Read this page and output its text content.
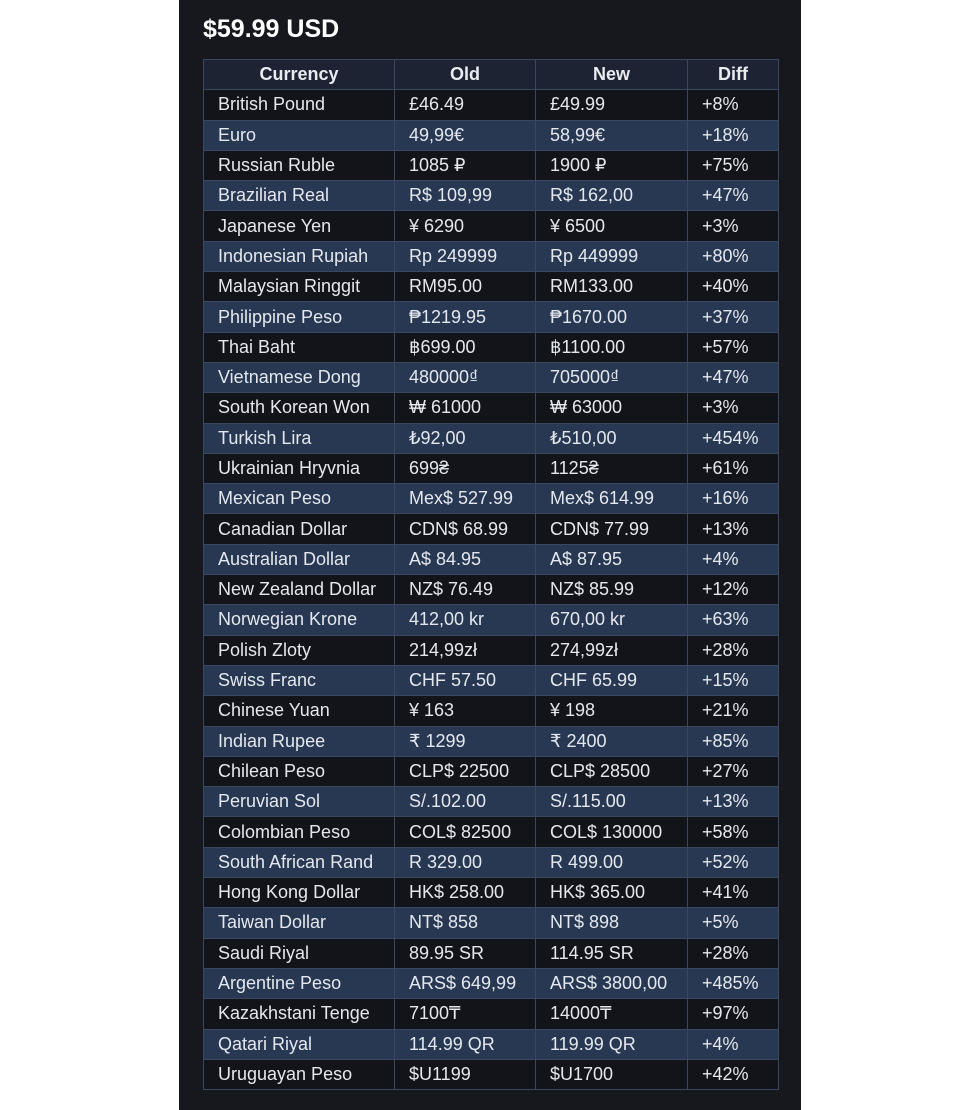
$59.99 USD
Currency	Old	New	Diff
British Pound	£46.49	£49.99	+8%
Euro	49,99€	58,99€	+18%
Russian Ruble	1085 ₽	1900 ₽	+75%
Brazilian Real	R$ 109,99	R$ 162,00	+47%
Japanese Yen	¥ 6290	¥ 6500	+3%
Indonesian Rupiah	Rp 249999	Rp 449999	+80%
Malaysian Ringgit	RM95.00	RM133.00	+40%
Philippine Peso	₱1219.95	₱1670.00	+37%
Thai Baht	฿699.00	฿1100.00	+57%
Vietnamese Dong	480000₫	705000₫	+47%
South Korean Won	₩ 61000	₩ 63000	+3%
Turkish Lira	₺92,00	₺510,00	+454%
Ukrainian Hryvnia	699₴	1125₴	+61%
Mexican Peso	Mex$ 527.99	Mex$ 614.99	+16%
Canadian Dollar	CDN$ 68.99	CDN$ 77.99	+13%
Australian Dollar	A$ 84.95	A$ 87.95	+4%
New Zealand Dollar	NZ$ 76.49	NZ$ 85.99	+12%
Norwegian Krone	412,00 kr	670,00 kr	+63%
Polish Zloty	214,99zł	274,99zł	+28%
Swiss Franc	CHF 57.50	CHF 65.99	+15%
Chinese Yuan	¥ 163	¥ 198	+21%
Indian Rupee	₹ 1299	₹ 2400	+85%
Chilean Peso	CLP$ 22500	CLP$ 28500	+27%
Peruvian Sol	S/.102.00	S/.115.00	+13%
Colombian Peso	COL$ 82500	COL$ 130000	+58%
South African Rand	R 329.00	R 499.00	+52%
Hong Kong Dollar	HK$ 258.00	HK$ 365.00	+41%
Taiwan Dollar	NT$ 858	NT$ 898	+5%
Saudi Riyal	89.95 SR	114.95 SR	+28%
Argentine Peso	ARS$ 649,99	ARS$ 3800,00	+485%
Kazakhstani Tenge	7100₸	14000₸	+97%
Qatari Riyal	114.99 QR	119.99 QR	+4%
Uruguayan Peso	$U1199	$U1700	+42%
